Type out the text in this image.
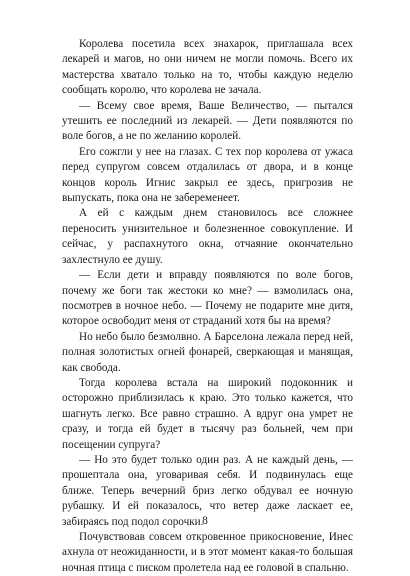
Королева посетила всех знахарок, приглашала всех лекарей и магов, но они ничем не могли помочь. Всего их мастерства хватало только на то, чтобы каждую неделю сообщать королю, что королева не зачала.

— Всему свое время, Ваше Величество, — пытался утешить ее последний из лекарей. — Дети появляются по воле богов, а не по желанию королей.

Его сожгли у нее на глазах. С тех пор королева от ужаса перед супругом совсем отдалилась от двора, и в конце концов король Игнис закрыл ее здесь, пригрозив не выпускать, пока она не забеременеет.

А ей с каждым днем становилось все сложнее переносить унизительное и болезненное совокупление. И сейчас, у распахнутого окна, отчаяние окончательно захлестнуло ее душу.

— Если дети и вправду появляются по воле богов, почему же боги так жестоки ко мне? — взмолилась она, посмотрев в ночное небо. — Почему не подарите мне дитя, которое освободит меня от страданий хотя бы на время?

Но небо было безмолвно. А Барселона лежала перед ней, полная золотистых огней фонарей, сверкающая и манящая, как свобода.

Тогда королева встала на широкий подоконник и осторожно приблизилась к краю. Это только кажется, что шагнуть легко. Все равно страшно. А вдруг она умрет не сразу, и тогда ей будет в тысячу раз больней, чем при посещении супруга?

— Но это будет только один раз. А не каждый день, — прошептала она, уговаривая себя. И подвинулась еще ближе. Теперь вечерний бриз легко обдувал ее ночную рубашку. И ей показалось, что ветер даже ласкает ее, забираясь под подол сорочки.

Почувствовав совсем откровенное прикосновение, Инес ахнула от неожиданности, и в этот момент какая-то большая ночная птица с писком пролетела над ее головой в спальню.

8
